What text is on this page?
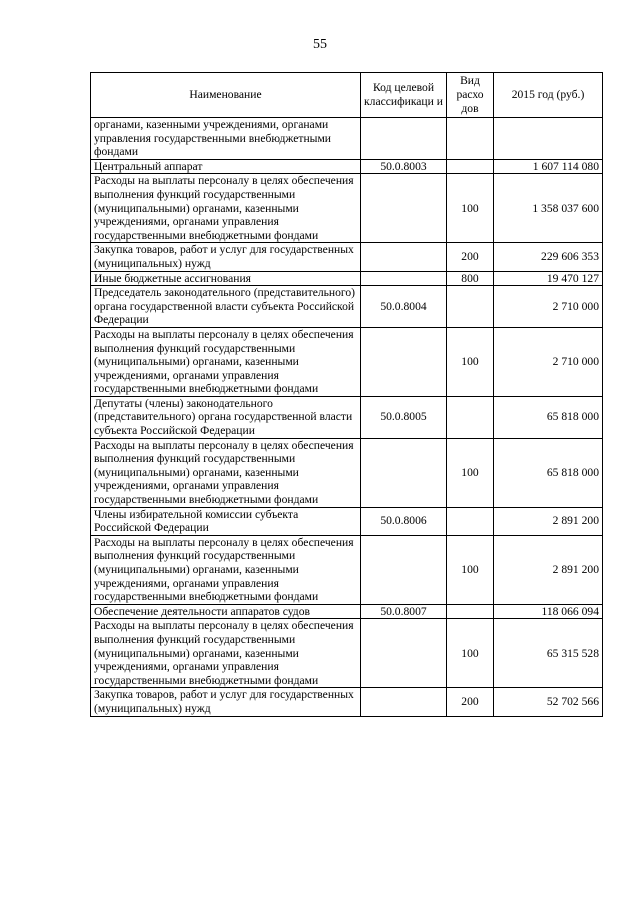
55
Наименование	Код целевой классификаци и	Вид расхо дов	2015 год (руб.)
органами, казенными учреждениями, органами управления государственными внебюджетными фондами			
Центральный аппарат	50.0.8003		1 607 114 080
Расходы на выплаты персоналу в целях обеспечения выполнения функций государственными (муниципальными) органами, казенными учреждениями, органами управления государственными внебюджетными фондами		100	1 358 037 600
Закупка товаров, работ и услуг для государственных (муниципальных) нужд		200	229 606 353
Иные бюджетные ассигнования		800	19 470 127
Председатель законодательного (представительного) органа государственной власти субъекта Российской Федерации	50.0.8004		2 710 000
Расходы на выплаты персоналу в целях обеспечения выполнения функций государственными (муниципальными) органами, казенными учреждениями, органами управления государственными внебюджетными фондами		100	2 710 000
Депутаты (члены) законодательного (представительного) органа государственной власти субъекта Российской Федерации	50.0.8005		65 818 000
Расходы на выплаты персоналу в целях обеспечения выполнения функций государственными (муниципальными) органами, казенными учреждениями, органами управления государственными внебюджетными фондами		100	65 818 000
Члены избирательной комиссии субъекта Российской Федерации	50.0.8006		2 891 200
Расходы на выплаты персоналу в целях обеспечения выполнения функций государственными (муниципальными) органами, казенными учреждениями, органами управления государственными внебюджетными фондами		100	2 891 200
Обеспечение деятельности аппаратов судов	50.0.8007		118 066 094
Расходы на выплаты персоналу в целях обеспечения выполнения функций государственными (муниципальными) органами, казенными учреждениями, органами управления государственными внебюджетными фондами		100	65 315 528
Закупка товаров, работ и услуг для государственных (муниципальных) нужд		200	52 702 566
